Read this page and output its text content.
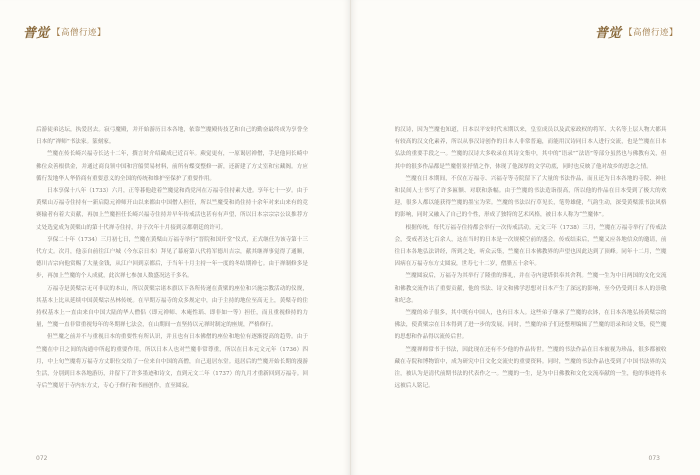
普觉 【高僧行迹】

后游徒弟达坛，执爱居去。寂弓魔殿，并开始游历日本各地，依靠竺魔殿传技艺和自己的勤奋最终成为享誉全日本的“禅师”书法家。篆刻家。

竺魔在传长崎兴福寺长达十二年，撰言时介绍藏成已近百年。蕨觉更有，一原谒居禅僧，手是他问长崎中佛位众善根供金，并通过商良领中国和宫船贸易材料，前所有蝶变整修一新，还新建了方丈室和宝藏阁。方应循行发地华人华侨商有重要意义的全国的传统和维护至保护了重要作用。

日本享保十八年（1733）六月，正等暮他趁着竺魔觉和尚党河在万福寺住持素大进。享年七十一岁。由于黄檗山万福寺住持有一新启隐元禅师开山以来都由中国僧人担任，所以竺魔受和尚住持十余年对来山来有的竞赛输者有着大贡献，再加上竺魔担任长崎兴福寺住持并早年传戒活也甚有有声望，所以日本宗宗宗公议推荐方丈处选觉成为黄檗山的第十代禅寺住持，并于次年十月接到京都朝廷的许可。

享保二十年（1734）三月初七日，竺魔在黄檗山万福寺举行“晋院和国开堂”仪式，正式继任为该寺第十三代方丈。次月，他亲自前往江户城（今东京日本）拜见了幕府第八代将军德川吉宗，献其继禅事觉得了通顺，德川吉宗向他赏赐了大量金钱，从江户回到京都后，于当年十月主持一年一度的冬结期禅七。由于禅制修多是步，再加上竺魔的个人成就，此次禅七参加人数盛况达千多名。

万福寺是黄檗宗无可非议的本山，所以黄檗宗诸本旗以下各所传递在黄檗的座位和兴施宗教活动的仪规，其基本上比从延续中国黄檗宗丛林传统。在早期万福寺的众多规定中，由于主持的地位至高无上，黄檗寺的住持权基本上一直由来自中国大陆的华人僧侣（即元禅师、木庵性瑫、即非如一等）担任，而且重视修持的力量，竺魔一直非常重视每年的冬期禅七法会，在山期间一直坚持以元禅时制定的座规，严格修行。

但竺魔之前并不与重视日本的重要性有所认识，并且也有日本佛僧的座位和地位有逐渐提高的趋势。由于竺魔在中日之间的沟通中所起的重要作用，所以日本人也对竺魔非常尊重，所以在日本元文元年（1736）四月，中上旬竺魔将万福寺方丈职位交给了一位来自中国的高僧，自己退居东堂。退居后的竺魔开始长期的漫游生活，分别到日本各地游历，并留下了许多墨迹和诗文，直到元文二年（1737）的九月才重新回到万福寺。回寺后竺魔居于寺内东方丈，专心于修行和书画创作，直至圆寂。

072
普觉 【高僧行迹】

的汉诗，因为竺魔也知道，日本以平安时代末期以来，皇室成员以及武家政权的将军、大名等上层人物大都具有较高的汉文化素养，所以从事汉诗创作的日本人非常普遍，而能用汉诗同日本人进行交流，也是竺魔在日本弘法的重要手段之一。竺魔的汉诗大多收录在其诗文集中，其中的“语录”“法语”等部分虽然也与佛教有关，但其中的很多作品都是竺魔借景抒情之作，体现了他深厚的文学功底，同时也反映了他对故乡的思念之情。

竺魔在日本期间，不仅在万福寺、兴福寺等寺院留下了大量的书法作品，而且还为日本各地的寺院、神社和民间人士书写了许多匾额、对联和条幅。由于竺魔的书法造诣很高，所以他的作品在日本受到了极大的欢迎，很多人都以能获得竺魔的墨宝为荣。竺魔的书法以行草见长，笔势雄健，气韵生动，深受黄檗派书法风格的影响，同时又融入了自己的个性，形成了独特的艺术风格，被日本人称为“竺魔体”。

根据传统，每代万福寺住持都会举行一次传戒活动。元文三年（1738）三月，竺魔在万福寺举行了传戒法会，受戒者达七百余人，这在当时的日本是一次规模空前的盛会。传戒结束后，竺魔又应各地信众的邀请，前往日本各地弘法讲经，所到之处，听众云集，竺魔在日本佛教界的声望也因此达到了顶峰。同年十二月，竺魔因病在万福寺东方丈圆寂，世寿七十二岁，僧腊五十余年。

竺魔圆寂后，万福寺为其举行了隆重的葬礼，并在寺内建塔供奉其舍利。竺魔一生为中日两国的文化交流和佛教交流作出了重要贡献，他的书法、诗文和佛学思想对日本产生了深远的影响，至今仍受到日本人的崇敬和纪念。

竺魔的弟子很多，其中既有中国人，也有日本人。这些弟子继承了竺魔的衣钵，在日本各地弘扬黄檗宗的佛法，使黄檗宗在日本得到了进一步的发展。同时，竺魔的弟子们还整理编辑了竺魔的语录和诗文集，使竺魔的思想和作品得以流传后世。

竺魔禅师常书于书法，因此现在还有不少他的作品传世。竺魔的书法作品在日本被视为珍品，很多都被收藏在寺院和博物馆中，成为研究中日文化交流史的重要资料。同时，竺魔的书法作品也受到了中国书法界的关注，被认为是清代前期书法的代表作之一。竺魔的一生，是为中日佛教和文化交流奉献的一生，他的事迹将永远被后人铭记。

073
